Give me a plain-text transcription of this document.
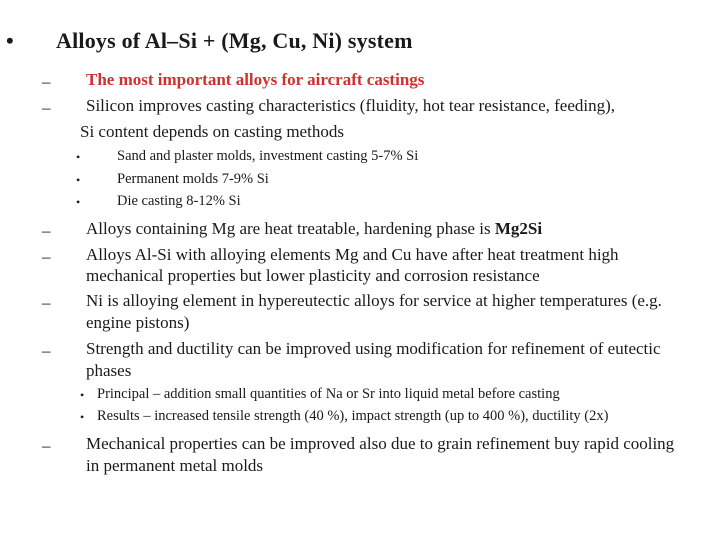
• Alloys of Al–Si + (Mg, Cu, Ni) system
– The most important alloys for aircraft castings
– Silicon improves casting characteristics (fluidity, hot tear resistance, feeding),
Si content depends on casting methods
•	Sand and plaster molds, investment casting 5-7% Si
•	Permanent molds 7-9% Si
•	Die casting 8-12% Si
– Alloys containing Mg are heat treatable, hardening phase is Mg2Si
– Alloys Al-Si with alloying elements Mg and Cu have after heat treatment high
mechanical properties but lower plasticity and corrosion resistance
– Ni is alloying element in hypereutectic alloys for service at higher temperatures (e.g.
engine pistons)
– Strength and ductility can be improved using modification for refinement of eutectic
phases
• Principal – addition small quantities of Na or Sr into liquid metal before casting
• Results – increased tensile strength (40 %), impact strength (up to 400 %), ductility (2x)
– Mechanical properties can be improved also due to grain refinement buy rapid cooling
in permanent metal molds
